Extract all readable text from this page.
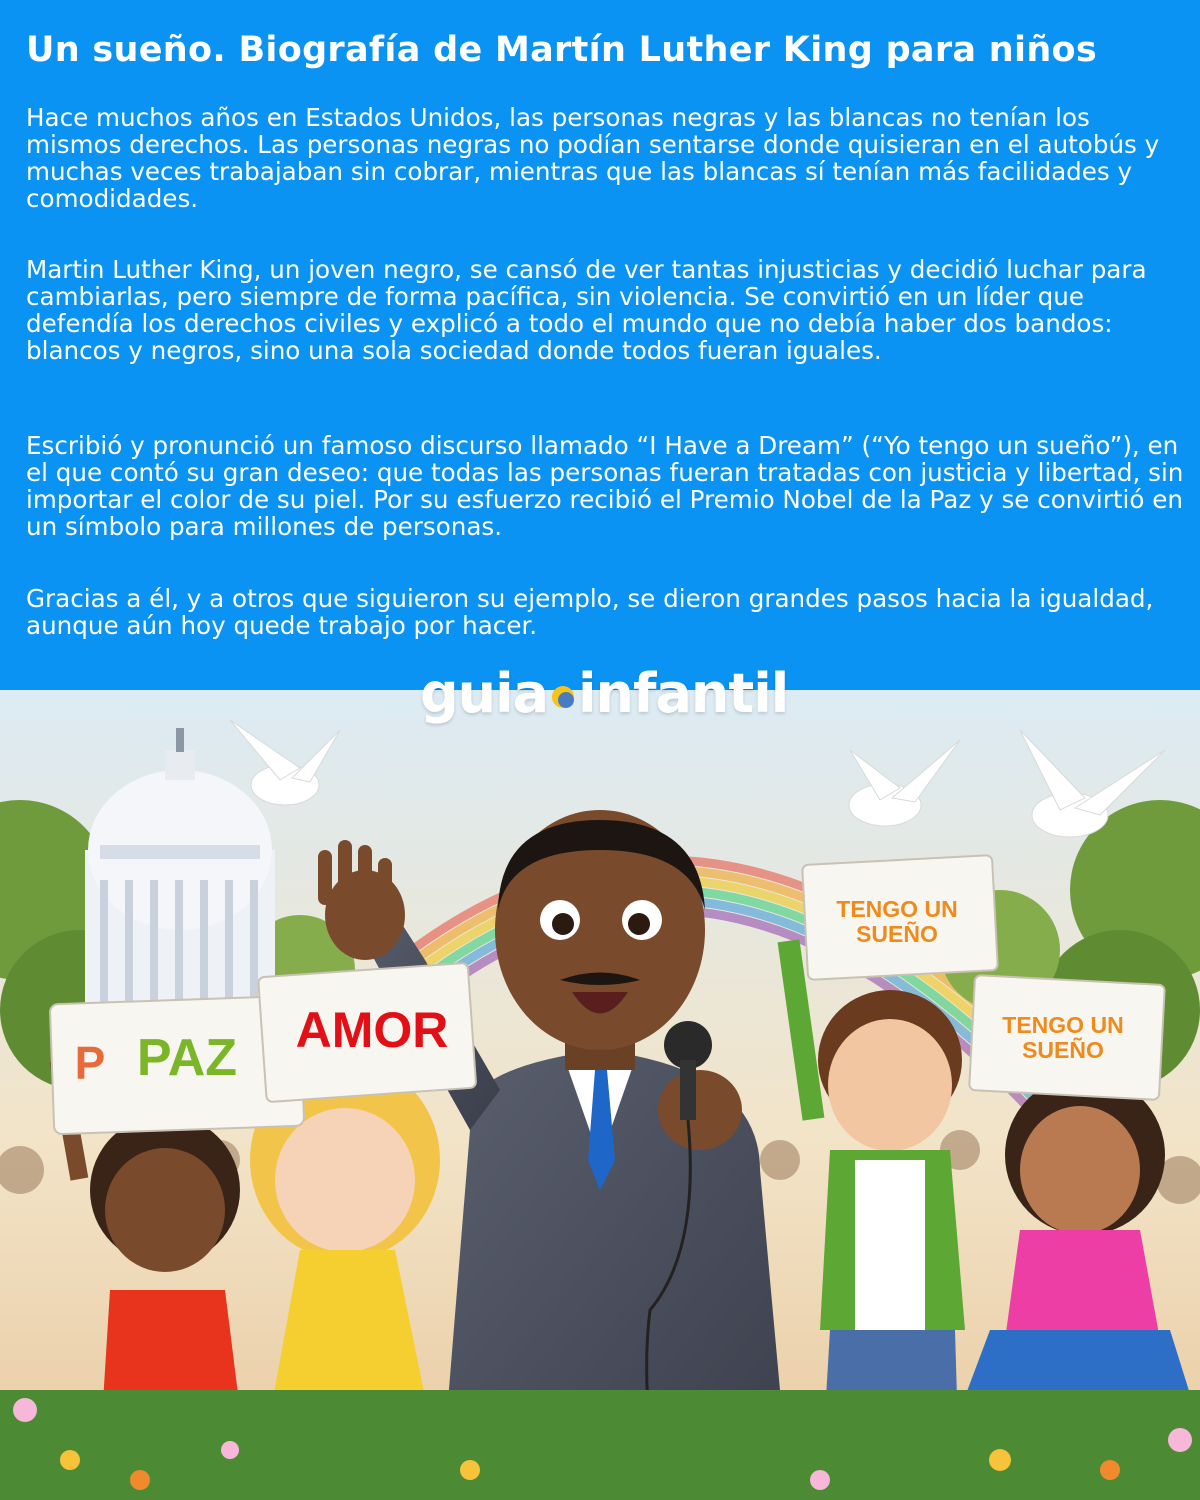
Un sueño. Biografía de Martín Luther King para niños

Hace muchos años en Estados Unidos, las personas negras y las blancas no tenían los mismos derechos. Las personas negras no podían sentarse donde quisieran en el autobús y muchas veces trabajaban sin cobrar, mientras que las blancas sí tenían más facilidades y comodidades.

Martin Luther King, un joven negro, se cansó de ver tantas injusticias y decidió luchar para cambiarlas, pero siempre de forma pacífica, sin violencia. Se convirtió en un líder que defendía los derechos civiles y explicó a todo el mundo que no debía haber dos bandos: blancos y negros, sino una sola sociedad donde todos fueran iguales.

Escribió y pronunció un famoso discurso llamado “I Have a Dream” (“Yo tengo un sueño”), en el que contó su gran deseo: que todas las personas fueran tratadas con justicia y libertad, sin importar el color de su piel. Por su esfuerzo recibió el Premio Nobel de la Paz y se convirtió en un símbolo para millones de personas.

Gracias a él, y a otros que siguieron su ejemplo, se dieron grandes pasos hacia la igualdad, aunque aún hoy quede trabajo por hacer.

guia infantil
P PAZ AMOR
TENGO UN SUEÑO
TENGO UN SUEÑO
